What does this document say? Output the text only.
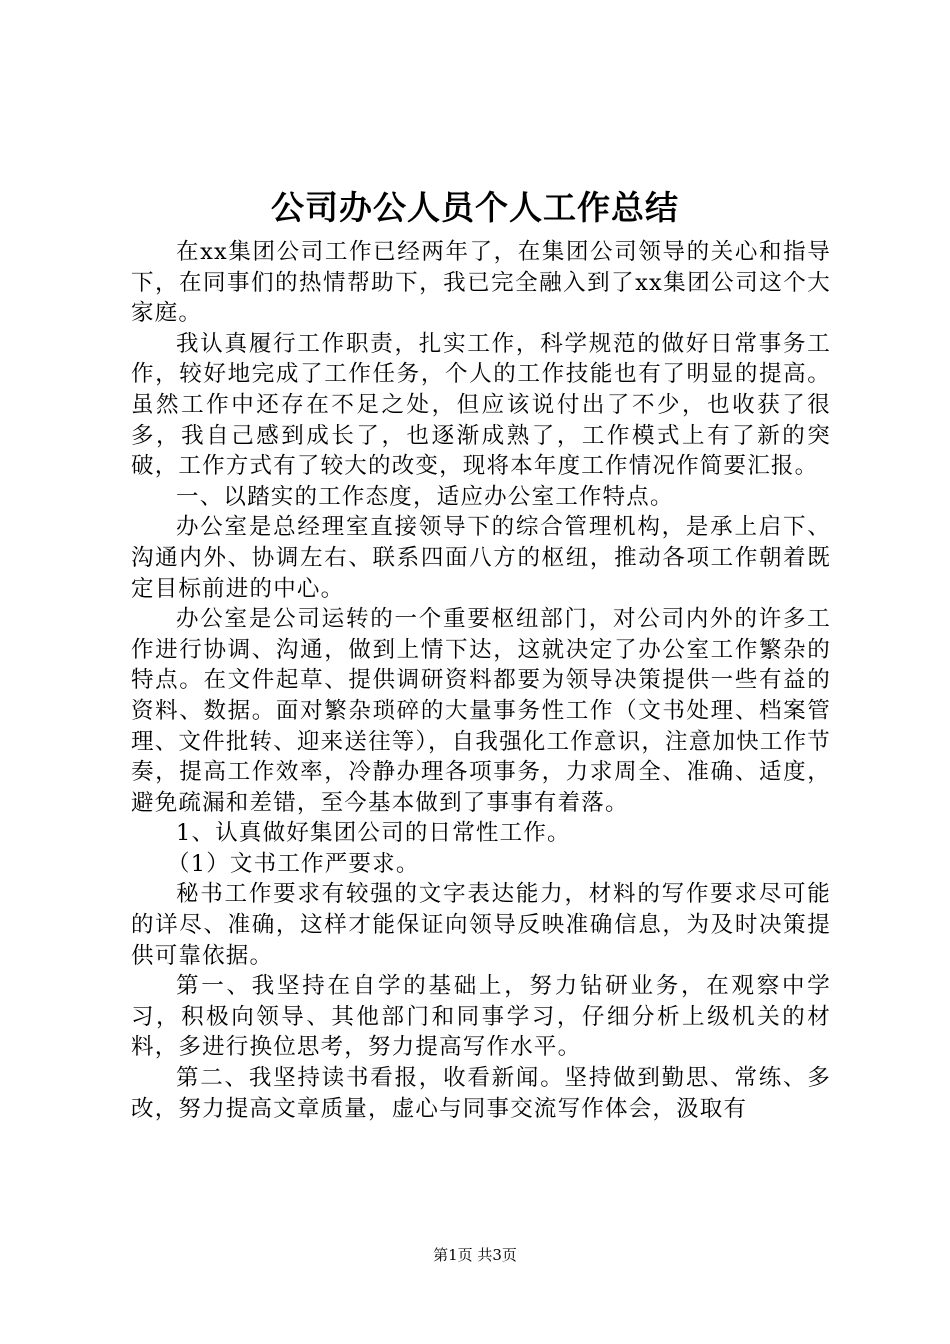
公司办公人员个人工作总结

在xx集团公司工作已经两年了，在集团公司领导的关心和指导下，在同事们的热情帮助下，我已完全融入到了xx集团公司这个大家庭。

我认真履行工作职责，扎实工作，科学规范的做好日常事务工作，较好地完成了工作任务，个人的工作技能也有了明显的提高。虽然工作中还存在不足之处，但应该说付出了不少，也收获了很多，我自己感到成长了，也逐渐成熟了，工作模式上有了新的突破，工作方式有了较大的改变，现将本年度工作情况作简要汇报。

一、以踏实的工作态度，适应办公室工作特点。

办公室是总经理室直接领导下的综合管理机构，是承上启下、沟通内外、协调左右、联系四面八方的枢纽，推动各项工作朝着既定目标前进的中心。

办公室是公司运转的一个重要枢纽部门，对公司内外的许多工作进行协调、沟通，做到上情下达，这就决定了办公室工作繁杂的特点。在文件起草、提供调研资料都要为领导决策提供一些有益的资料、数据。面对繁杂琐碎的大量事务性工作（文书处理、档案管理、文件批转、迎来送往等），自我强化工作意识，注意加快工作节奏，提高工作效率，冷静办理各项事务，力求周全、准确、适度，避免疏漏和差错，至今基本做到了事事有着落。

1、认真做好集团公司的日常性工作。

（1）文书工作严要求。

秘书工作要求有较强的文字表达能力，材料的写作要求尽可能的详尽、准确，这样才能保证向领导反映准确信息，为及时决策提供可靠依据。

第一、我坚持在自学的基础上，努力钻研业务，在观察中学习，积极向领导、其他部门和同事学习，仔细分析上级机关的材料，多进行换位思考，努力提高写作水平。

第二、我坚持读书看报，收看新闻。坚持做到勤思、常练、多改，努力提高文章质量，虚心与同事交流写作体会，汲取有

第1页 共3页
